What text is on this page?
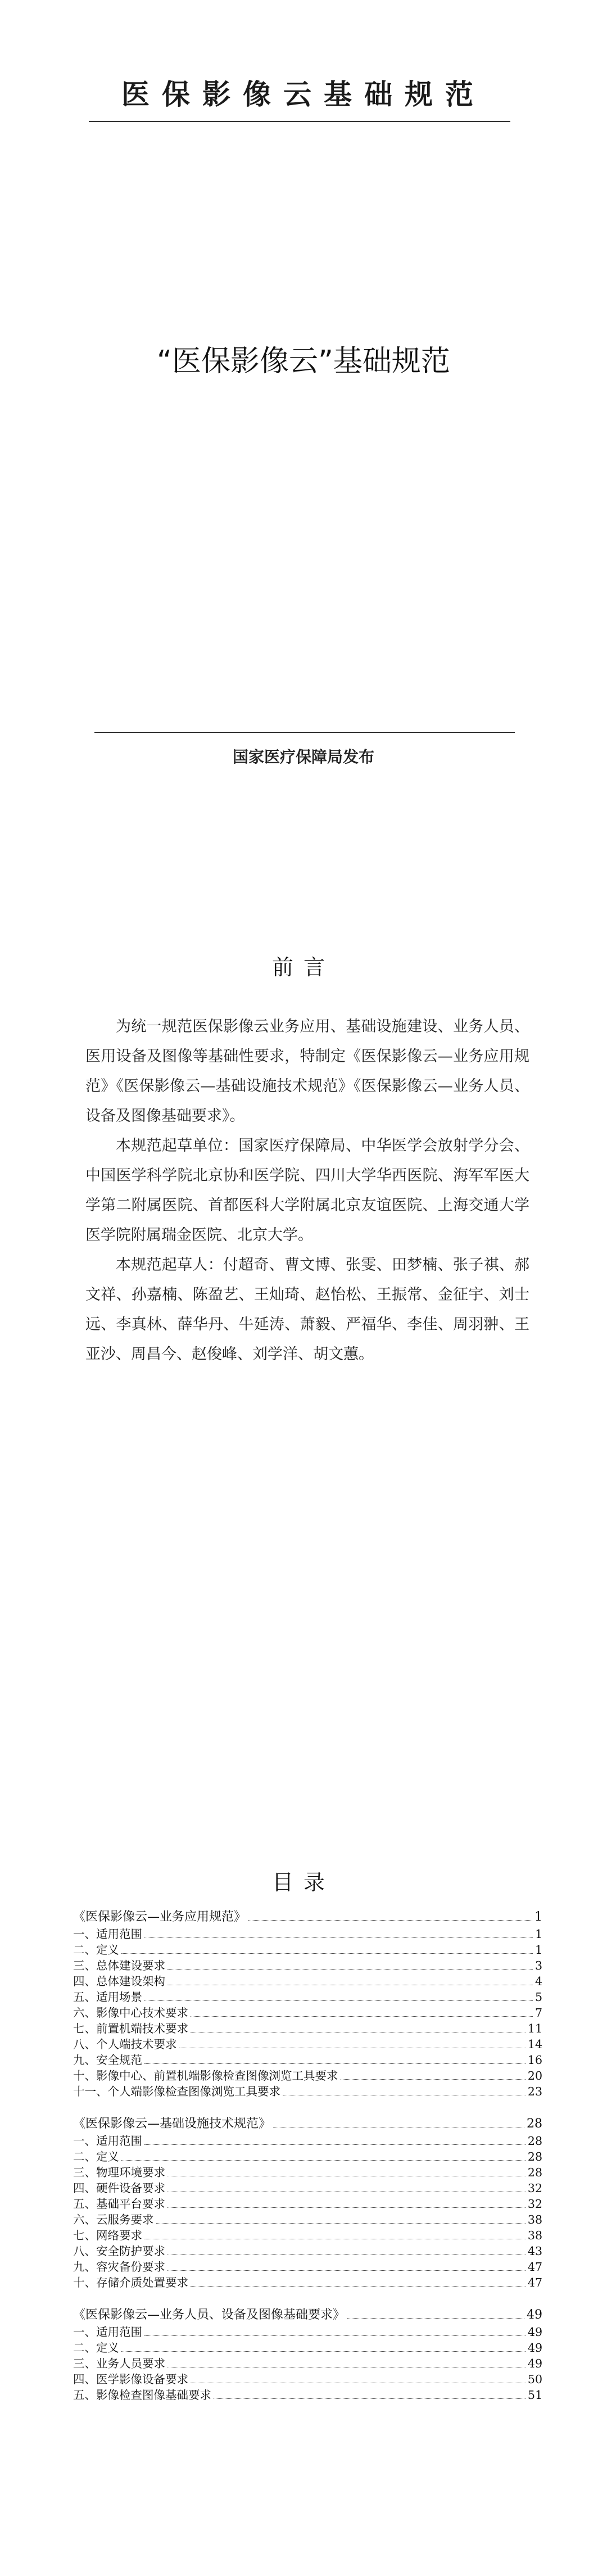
医保影像云基础规范
“医保影像云”基础规范
国家医疗保障局发布
前言

为统一规范医保影像云业务应用、基础设施建设、业务人员、医用设备及图像等基础性要求，特制定《医保影像云—业务应用规范》《医保影像云—基础设施技术规范》《医保影像云—业务人员、设备及图像基础要求》。

本规范起草单位：国家医疗保障局、中华医学会放射学分会、中国医学科学院北京协和医学院、四川大学华西医院、海军军医大学第二附属医院、首都医科大学附属北京友谊医院、上海交通大学医学院附属瑞金医院、北京大学。

本规范起草人：付超奇、曹文博、张雯、田梦楠、张子祺、郝文祥、孙嘉楠、陈盈艺、王灿琦、赵怡松、王振常、金征宇、刘士远、李真林、薛华丹、牛延涛、萧毅、严福华、李佳、周羽翀、王亚沙、周昌今、赵俊峰、刘学洋、胡文蕙。

目录
《医保影像云—业务应用规范》	1
一、适用范围	1
二、定义	1
三、总体建设要求	3
四、总体建设架构	4
五、适用场景	5
六、影像中心技术要求	7
七、前置机端技术要求	11
八、个人端技术要求	14
九、安全规范	16
十、影像中心、前置机端影像检查图像浏览工具要求	20
十一、个人端影像检查图像浏览工具要求	23
《医保影像云—基础设施技术规范》	28
一、适用范围	28
二、定义	28
三、物理环境要求	28
四、硬件设备要求	32
五、基础平台要求	32
六、云服务要求	38
七、网络要求	38
八、安全防护要求	43
九、容灾备份要求	47
十、存储介质处置要求	47
《医保影像云—业务人员、设备及图像基础要求》	49
一、适用范围	49
二、定义	49
三、业务人员要求	49
四、医学影像设备要求	50
五、影像检查图像基础要求	51
